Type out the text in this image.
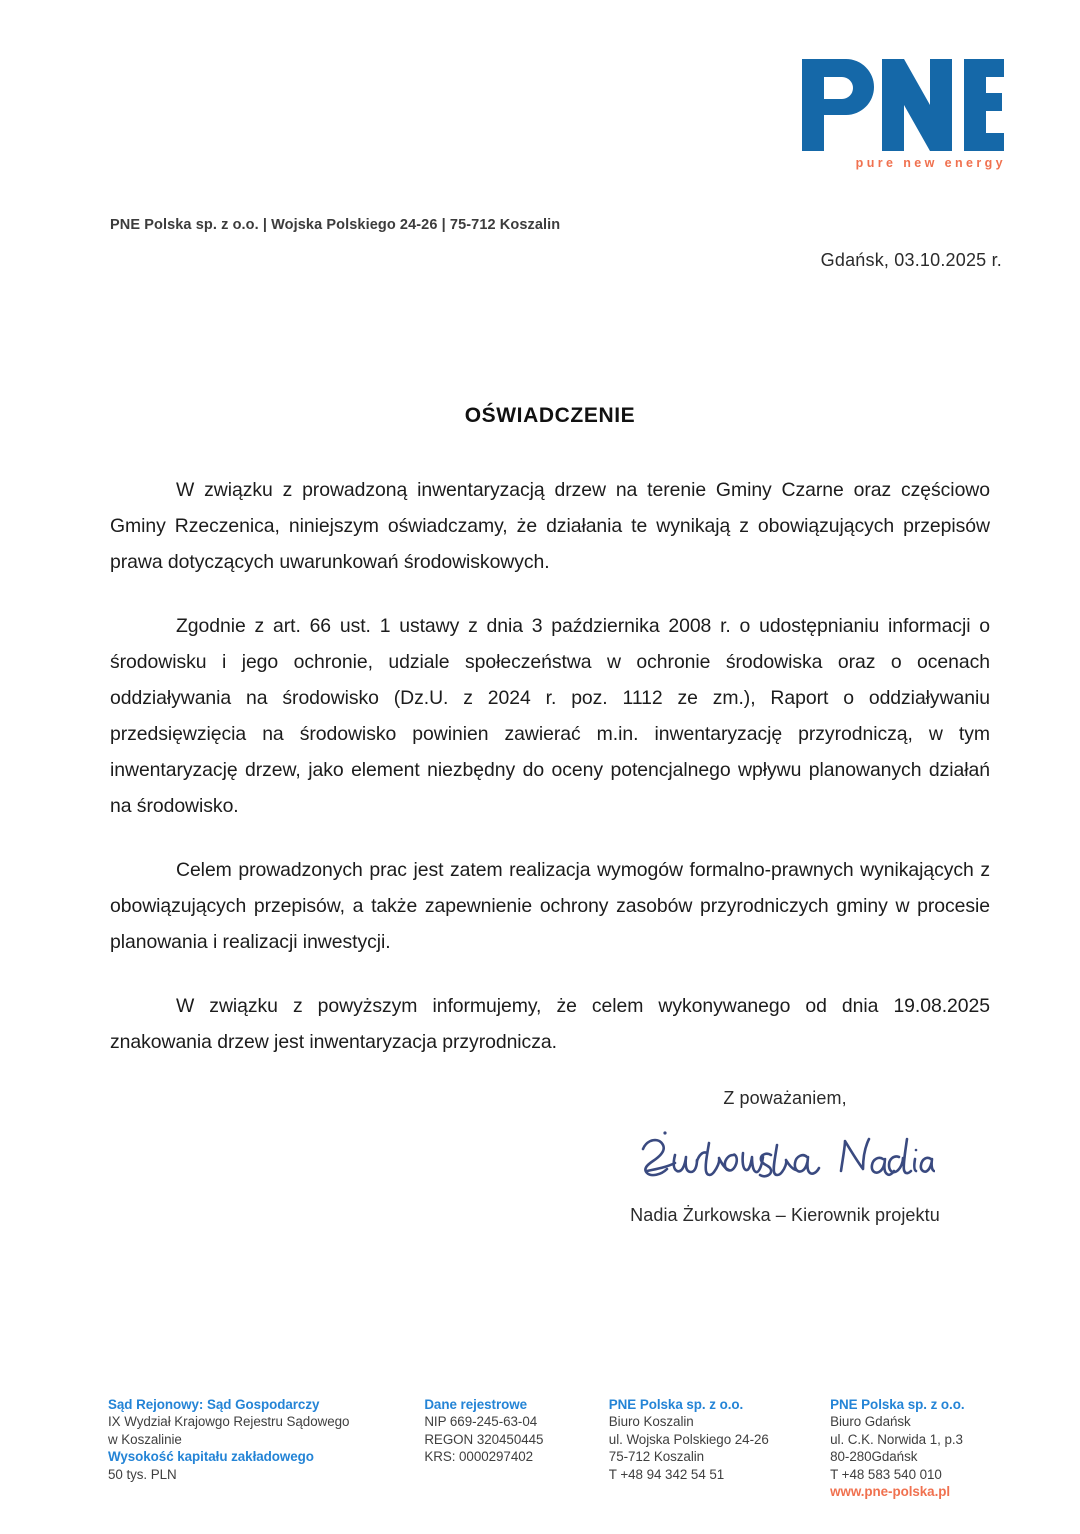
pure new energy
PNE Polska sp. z o.o. | Wojska Polskiego 24-26 | 75-712 Koszalin
Gdańsk, 03.10.2025 r.
OŚWIADCZENIE

W związku z prowadzoną inwentaryzacją drzew na terenie Gminy Czarne oraz częściowo Gminy Rzeczenica, niniejszym oświadczamy, że działania te wynikają z obowiązujących przepisów prawa dotyczących uwarunkowań środowiskowych.

Zgodnie z art. 66 ust. 1 ustawy z dnia 3 października 2008 r. o udostępnianiu informacji o środowisku i jego ochronie, udziale społeczeństwa w ochronie środowiska oraz o ocenach oddziaływania na środowisko (Dz.U. z 2024 r. poz. 1112 ze zm.), Raport o oddziaływaniu przedsięwzięcia na środowisko powinien zawierać m.in. inwentaryzację przyrodniczą, w tym inwentaryzację drzew, jako element niezbędny do oceny potencjalnego wpływu planowanych działań na środowisko.

Celem prowadzonych prac jest zatem realizacja wymogów formalno-prawnych wynikających z obowiązujących przepisów, a także zapewnienie ochrony zasobów przyrodniczych gminy w procesie planowania i realizacji inwestycji.

W związku z powyższym informujemy, że celem wykonywanego od dnia 19.08.2025 znakowania drzew jest inwentaryzacja przyrodnicza.

Z poważaniem,
Nadia Żurkowska – Kierownik projektu
Sąd Rejonowy: Sąd Gospodarczy
IX Wydział Krajowgo Rejestru Sądowego
w Koszalinie
Wysokość kapitału zakładowego
50 tys. PLN
Dane rejestrowe
NIP 669-245-63-04
REGON 320450445
KRS: 0000297402
PNE Polska sp. z o.o.
Biuro Koszalin
ul. Wojska Polskiego 24-26
75-712 Koszalin
T +48 94 342 54 51
PNE Polska sp. z o.o.
Biuro Gdańsk
ul. C.K. Norwida 1, p.3
80-280Gdańsk
T +48 583 540 010
www.pne-polska.pl
